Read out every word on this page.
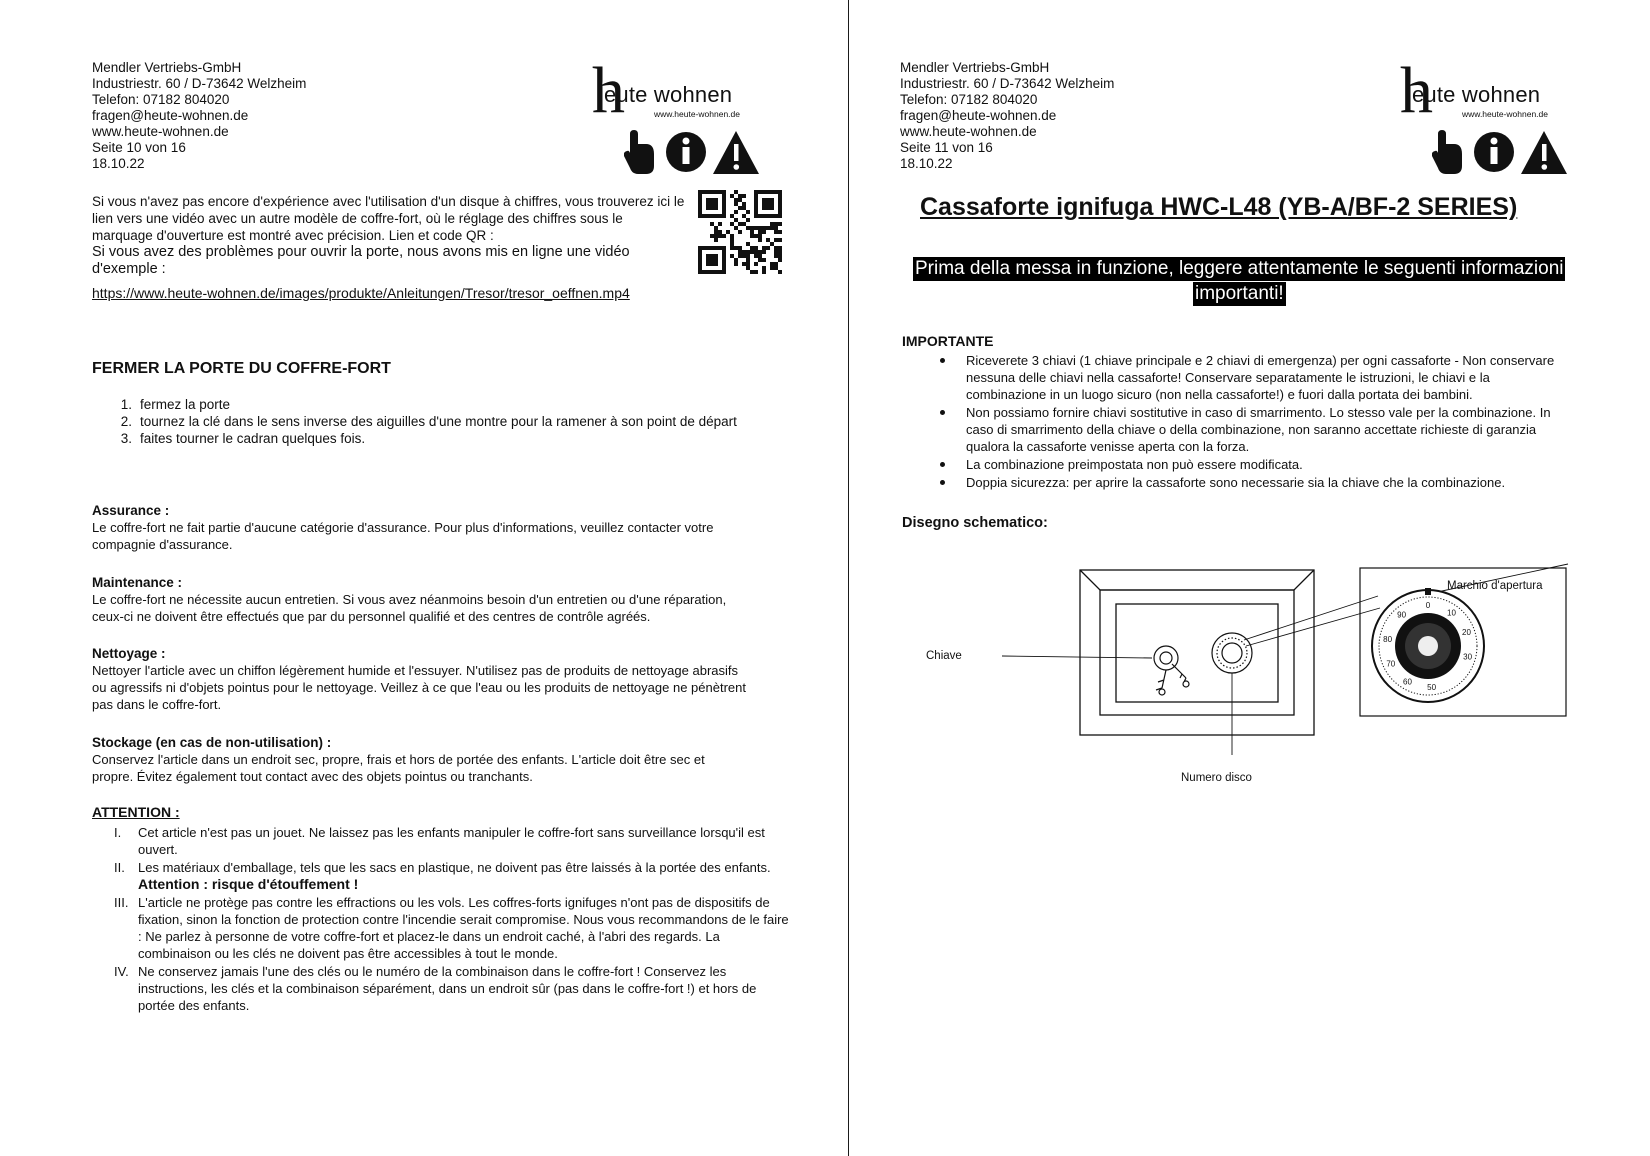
Mendler Vertriebs-GmbH
Industriestr. 60 / D-73642 Welzheim
Telefon: 07182 804020
fragen@heute-wohnen.de
www.heute-wohnen.de
Seite 10 von 16
18.10.22
h
eute wohnen
www.heute-wohnen.de

Si vous n'avez pas encore d'expérience avec l'utilisation d'un disque à chiffres, vous trouverez ici le

lien vers une vidéo avec un autre modèle de coffre-fort, où le réglage des chiffres sous le

marquage d'ouverture est montré avec précision. Lien et code QR :

Si vous avez des problèmes pour ouvrir la porte, nous avons mis en ligne une vidéo

d'exemple :

https://www.heute-wohnen.de/images/produkte/Anleitungen/Tresor/tresor_oeffnen.mp4
FERMER LA PORTE DU COFFRE-FORT
1. fermez la porte
2. tournez la clé dans le sens inverse des aiguilles d'une montre pour la ramener à son point de départ
3. faites tourner le cadran quelques fois.

Assurance :

Le coffre-fort ne fait partie d'aucune catégorie d'assurance. Pour plus d'informations, veuillez contacter votre

compagnie d'assurance.

Maintenance :

Le coffre-fort ne nécessite aucun entretien. Si vous avez néanmoins besoin d'un entretien ou d'une réparation,

ceux-ci ne doivent être effectués que par du personnel qualifié et des centres de contrôle agréés.

Nettoyage :

Nettoyer l'article avec un chiffon légèrement humide et l'essuyer. N'utilisez pas de produits de nettoyage abrasifs

ou agressifs ni d'objets pointus pour le nettoyage. Veillez à ce que l'eau ou les produits de nettoyage ne pénètrent

pas dans le coffre-fort.

Stockage (en cas de non-utilisation) :

Conservez l'article dans un endroit sec, propre, frais et hors de portée des enfants. L'article doit être sec et

propre. Évitez également tout contact avec des objets pointus ou tranchants.

ATTENTION :
I.	Cet article n'est pas un jouet. Ne laissez pas les enfants manipuler le coffre-fort sans surveillance lorsqu'il est ouvert.
II.	Les matériaux d'emballage, tels que les sacs en plastique, ne doivent pas être laissés à la portée des enfants. Attention : risque d'étouffement !
III. L'article ne protège pas contre les effractions ou les vols. Les coffres-forts ignifuges n'ont pas de dispositifs de fixation, sinon la fonction de protection contre l'incendie serait compromise. Nous vous recommandons de le faire : Ne parlez à personne de votre coffre-fort et placez-le dans un endroit caché, à l'abri des regards. La combinaison ou les clés ne doivent pas être accessibles à tout le monde.
IV. Ne conservez jamais l'une des clés ou le numéro de la combinaison dans le coffre-fort ! Conservez les instructions, les clés et la combinaison séparément, dans un endroit sûr (pas dans le coffre-fort !) et hors de portée des enfants.
Mendler Vertriebs-GmbH
Industriestr. 60 / D-73642 Welzheim
Telefon: 07182 804020
fragen@heute-wohnen.de
www.heute-wohnen.de
Seite 11 von 16
18.10.22
h
eute wohnen
www.heute-wohnen.de
Cassaforte ignifuga HWC-L48 (YB-A/BF-2 SERIES)
Prima della messa in funzione, leggere attentamente le seguenti informazioni
importanti!
IMPORTANTE
Riceverete 3 chiavi (1 chiave principale e 2 chiavi di emergenza) per ogni cassaforte - Non conservare nessuna delle chiavi nella cassaforte! Conservare separatamente le istruzioni, le chiavi e la combinazione in un luogo sicuro (non nella cassaforte!) e fuori dalla portata dei bambini.
Non possiamo fornire chiavi sostitutive in caso di smarrimento. Lo stesso vale per la combinazione. In caso di smarrimento della chiave o della combinazione, non saranno accettate richieste di garanzia qualora la cassaforte venisse aperta con la forza.
La combinazione preimpostata non può essere modificata.
Doppia sicurezza: per aprire la cassaforte sono necessarie sia la chiave che la combinazione.
Disegno schematico:
0
10
20
30
50
60
70
80
90
Chiave
Numero disco
Marchio d'apertura
